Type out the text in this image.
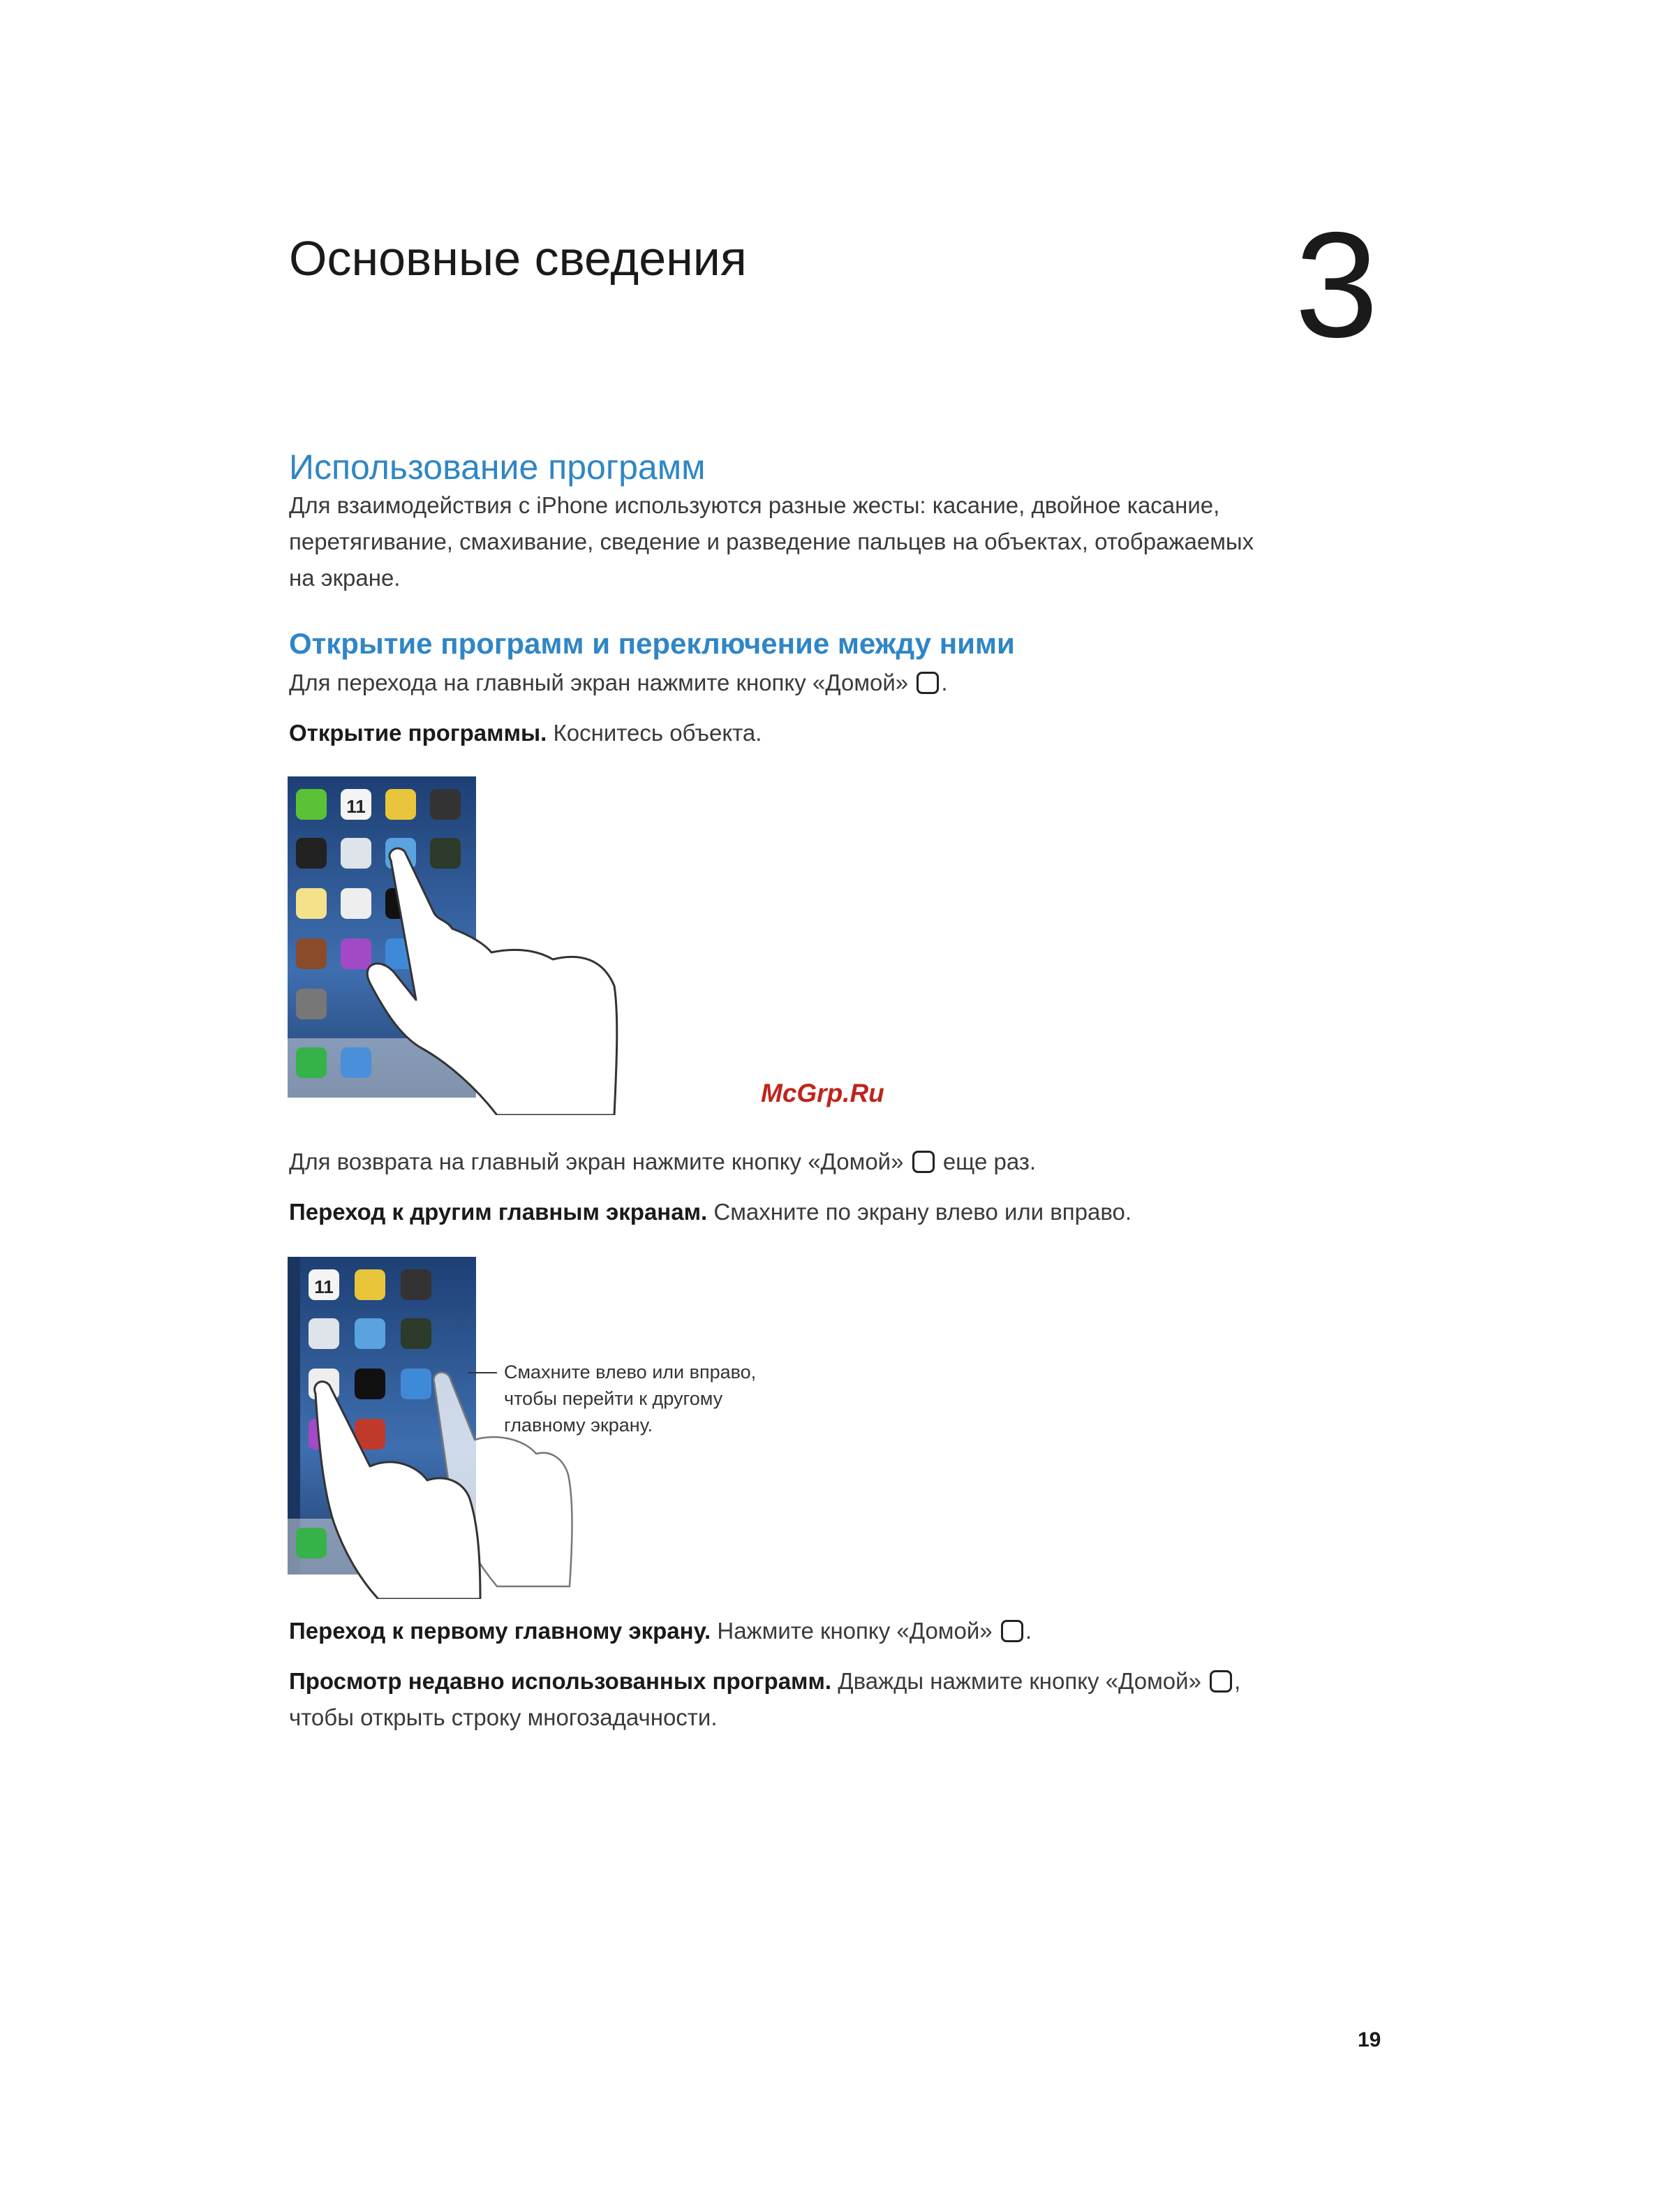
Основные сведения	3
Использование программ
Для взаимодействия с iPhone используются разные жесты: касание, двойное касание,
перетягивание, смахивание, сведение и разведение пальцев на объектах, отображаемых
на экране.
Открытие программ и переключение между ними
Для перехода на главный экран нажмите кнопку «Домой» .
Открытие программы. Коснитесь объекта.
11
McGrp.Ru
Для возврата на главный экран нажмите кнопку «Домой» еще раз.
Переход к другим главным экранам. Смахните по экрану влево или вправо.
11
Смахните влево или вправо,
чтобы перейти к другому
главному экрану.
Переход к первому главному экрану. Нажмите кнопку «Домой» .
Просмотр недавно использованных программ. Дважды нажмите кнопку «Домой» ,
чтобы открыть строку многозадачности.
19
